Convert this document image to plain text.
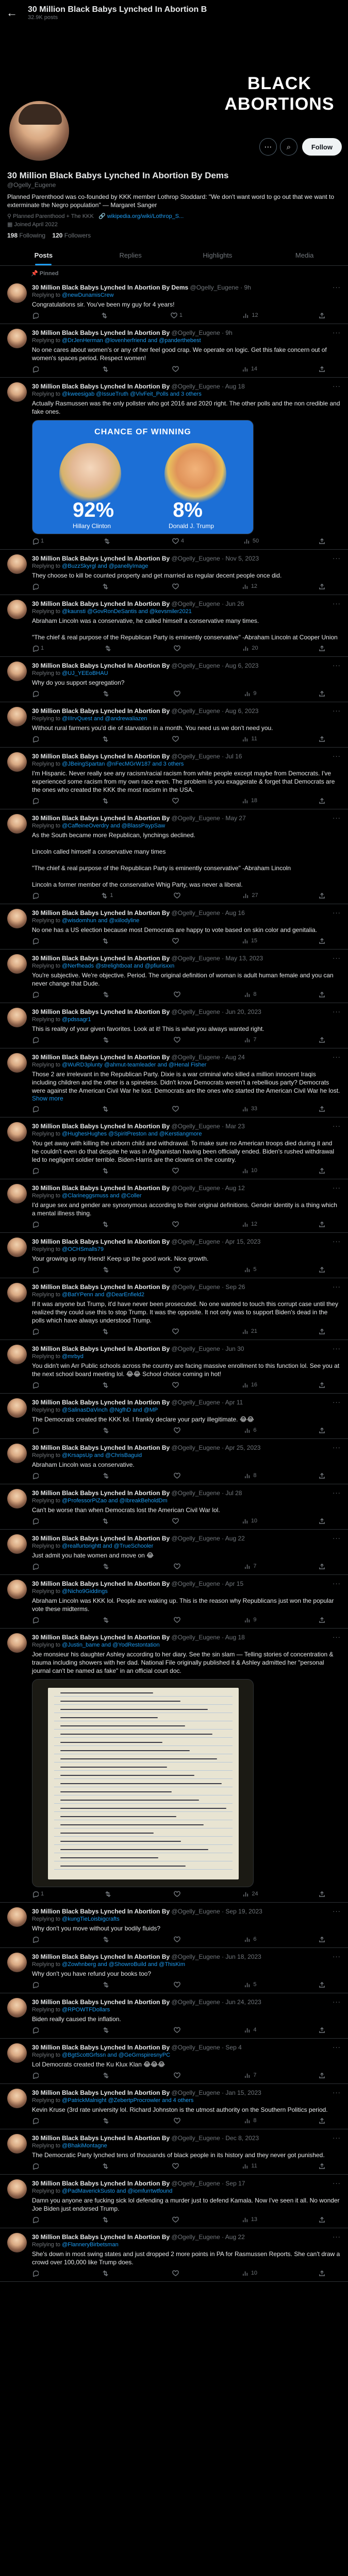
← 30 Million Black Babys Lynched In Abortion B
32.9K posts
BLACK ABORTIONS
⋯	⌕	Follow
30 Million Black Babys Lynched In Abortion By Dems
@Ogelly_Eugene
Planned Parenthood was co-founded by KKK member Lothrop Stoddard: "We don't want word to go out that we want to exterminate the Negro population" — Margaret Sanger
⚲ Planned Parenthood + The KKK 🔗 wikipedia.org/wiki/Lothrop_S...
▦ Joined April 2022
198 Following 120 Followers
Posts	Replies	Highlights	Media
📌 Pinned
30 Million Black Babys Lynched In Abortion By Dems @Ogelly_Eugene · 9h
Replying to @newDunamisCrew
Congratulations sir. You've been my guy for 4 years!
1	12
···
30 Million Black Babys Lynched In Abortion By @Ogelly_Eugene · 9h
Replying to @DrJenHerman @lovenherfriend and @panderthebest
No one cares about women's or any of her feel good crap. We operate on logic. Get this fake concern out of women's spaces period. Respect women!
14
···
30 Million Black Babys Lynched In Abortion By @Ogelly_Eugene · Aug 18
Replying to @kweesigab @IssueTruth @VivFeit_Polls and 3 others
Actually Rasmussen was the only pollster who got 2016 and 2020 right. The other polls and the non credible and fake ones.
CHANCE OF WINNING
92%	8%
Hillary Clinton	Donald J. Trump
1	4	50
···
30 Million Black Babys Lynched In Abortion By @Ogelly_Eugene · Nov 5, 2023
Replying to @BuzzSkyrgl and @panellyImage
They choose to kill be counted property and get married as regular decent people once did.
12
···
30 Million Black Babys Lynched In Abortion By @Ogelly_Eugene · Jun 26
Replying to @kaunsti @GovRonDeSantis and @kevsmiler2021
Abraham Lincoln was a conservative, he called himself a conservative many times.

"The chief & real purpose of the Republican Party is eminently conservative" -Abraham Lincoln at Cooper Union
1	20
···
30 Million Black Babys Lynched In Abortion By @Ogelly_Eugene · Aug 6, 2023
Replying to @UJ_YEEoBHAU
Why do you support segregation?
9
···
30 Million Black Babys Lynched In Abortion By @Ogelly_Eugene · Aug 6, 2023
Replying to @IIIrvQuest and @andrewaliazen
Without rural farmers you'd die of starvation in a month. You need us we don't need you.
11
···
30 Million Black Babys Lynched In Abortion By @Ogelly_Eugene · Jul 16
Replying to @JBeingSpartan @nFecMGrW187 and 3 others
I'm Hispanic. Never really see any racism/racial racism from white people except maybe from Democrats. I've experienced some racism from my own race even. The problem is you exaggerate & forget that Democrats are the ones who created the KKK the most racism in the USA.
18
···
30 Million Black Babys Lynched In Abortion By @Ogelly_Eugene · May 27
Replying to @CaffeineOverdry and @BlassPaypSaw
As the South became more Republican, lynchings declined.

Lincoln called himself a conservative many times

"The chief & real purpose of the Republican Party is eminently conservative" -Abraham Lincoln

Lincoln a former member of the conservative Whig Party, was never a liberal.
1	27
···
30 Million Black Babys Lynched In Abortion By @Ogelly_Eugene · Aug 16
Replying to @wisdomhun and @xiilodyline
No one has a US election because most Democrats are happy to vote based on skin color and genitalia.
15
···
30 Million Black Babys Lynched In Abortion By @Ogelly_Eugene · May 13, 2023
Replying to @Nerfheads @strelightboat and @pfiurisxxn
You're subjective. We're objective. Period. The original definition of woman is adult human female and you can never change that Dude.
8
···
30 Million Black Babys Lynched In Abortion By @Ogelly_Eugene · Jun 20, 2023
Replying to @pdssagr1
This is reality of your given favorites. Look at it! This is what you always wanted right.
7
···
30 Million Black Babys Lynched In Abortion By @Ogelly_Eugene · Aug 24
Replying to @WuRD3plunty @ahmut-teamleader and @Henal Fisher
Those 2 are irrelevant in the Republican Party. Dixie is a war criminal who killed a million innocent Iraqis including children and the other is a spineless. Didn't know Democrats weren't a rebellious party? Democrats were against the American Civil War he lost. Democrats are the ones who started the American Civil War he lost.
Show more
33
···
30 Million Black Babys Lynched In Abortion By @Ogelly_Eugene · Mar 23
Replying to @HughesHughes @SpiritPreston and @Kerstiangmore
You get away with killing the unborn child and withdrawal. To make sure no American troops died during it and he couldn't even do that despite he was in Afghanistan having been officially ended. Biden's rushed withdrawal led to negligent soldier terrible. Biden-Harris are the clowns on the country.
10
···
30 Million Black Babys Lynched In Abortion By @Ogelly_Eugene · Aug 12
Replying to @Clarineggsmuss and @Coller
I'd argue sex and gender are synonymous according to their original definitions. Gender identity is a thing which a mental illness thing.
12
···
30 Million Black Babys Lynched In Abortion By @Ogelly_Eugene · Apr 15, 2023
Replying to @OCHSmalls79
Your growing up my friend! Keep up the good work. Nice growth.
5
···
30 Million Black Babys Lynched In Abortion By @Ogelly_Eugene · Sep 26
Replying to @BatYPenn and @DearEnfield2
If it was anyone but Trump, it'd have never been prosecuted. No one wanted to touch this corrupt case until they realized they could use this to stop Trump. It was the opposite. It not only was to support Biden's dead in the polls which have always understood Trump.
21
···
30 Million Black Babys Lynched In Abortion By @Ogelly_Eugene · Jun 30
Replying to @mrbyd
You didn't win Arr Public schools across the country are facing massive enrollment to this function lol. See you at the next school board meeting lol. 😂😂 School choice coming in hot!
16
···
30 Million Black Babys Lynched In Abortion By @Ogelly_Eugene · Apr 11
Replying to @SalinasDaVinch @NgfhD and @MP
The Democrats created the KKK lol. I frankly declare your party illegitimate. 😂😂
6
···
30 Million Black Babys Lynched In Abortion By @Ogelly_Eugene · Apr 25, 2023
Replying to @KrsapsUp and @ChrisBaguid
Abraham Lincoln was a conservative.
8
···
30 Million Black Babys Lynched In Abortion By @Ogelly_Eugene · Jul 28
Replying to @ProfessorPiZao and @IbreakBeholdDm
Can't be worse than when Democrats lost the American Civil War lol.
10
···
30 Million Black Babys Lynched In Abortion By @Ogelly_Eugene · Aug 22
Replying to @realfurtorightt and @TrueSchooler
Just admit you hate women and move on 😂
7
···
30 Million Black Babys Lynched In Abortion By @Ogelly_Eugene · Apr 15
Replying to @Nicho9Giddings
Abraham Lincoln was KKK lol. People are waking up. This is the reason why Republicans just won the popular vote these midterms.
9
···
30 Million Black Babys Lynched In Abortion By @Ogelly_Eugene · Aug 18
Replying to @Justin_bame and @YodRestontation
Joe monsieur his daughter Ashley according to her diary. See the sin slam — Telling stories of concentration & trauma including showers with her dad. National File originally published it & Ashley admitted her "personal journal can't be named as fake" in an official court doc.
1	24
···
30 Million Black Babys Lynched In Abortion By @Ogelly_Eugene · Sep 19, 2023
Replying to @kungTieLoisbigcrafts
Why don't you move without your bodily fluids?
6
···
30 Million Black Babys Lynched In Abortion By @Ogelly_Eugene · Jun 18, 2023
Replying to @Zowhnberg and @ShowroBuild and @ThisKim
Why don't you have refund your books too?
5
···
30 Million Black Babys Lynched In Abortion By @Ogelly_Eugene · Jun 24, 2023
Replying to @RPOWTFDollars
Biden really caused the inflation.
4
···
30 Million Black Babys Lynched In Abortion By @Ogelly_Eugene · Sep 4
Replying to @BgtScottGrfssn and @GeGrnspiresnyPC
Lol Democrats created the Ku Klux Klan 😂😂😂
7
···
30 Million Black Babys Lynched In Abortion By @Ogelly_Eugene · Jan 15, 2023
Replying to @PatrickMalnight @ZebertpProcrowler and 4 others
Kevin Kruse (3rd rate university lol. Richard Johnston is the utmost authority on the Southern Politics period.
8
···
30 Million Black Babys Lynched In Abortion By @Ogelly_Eugene · Dec 8, 2023
Replying to @BhakiMontagne
The Democratic Party lynched tens of thousands of black people in its history and they never got punished.
11
···
30 Million Black Babys Lynched In Abortion By @Ogelly_Eugene · Sep 17
Replying to @PadMaverickSusto and @iomfurrtwtfound
Damn you anyone are fucking sick lol defending a murder just to defend Kamala. Now I've seen it all. No wonder Joe Biden just endorsed Trump.
13
···
30 Million Black Babys Lynched In Abortion By @Ogelly_Eugene · Aug 22
Replying to @FlanneryBirbetsman
She's down in most swing states and just dropped 2 more points in PA for Rasmussen Reports. She can't draw a crowd over 100,000 like Trump does.
10
···
